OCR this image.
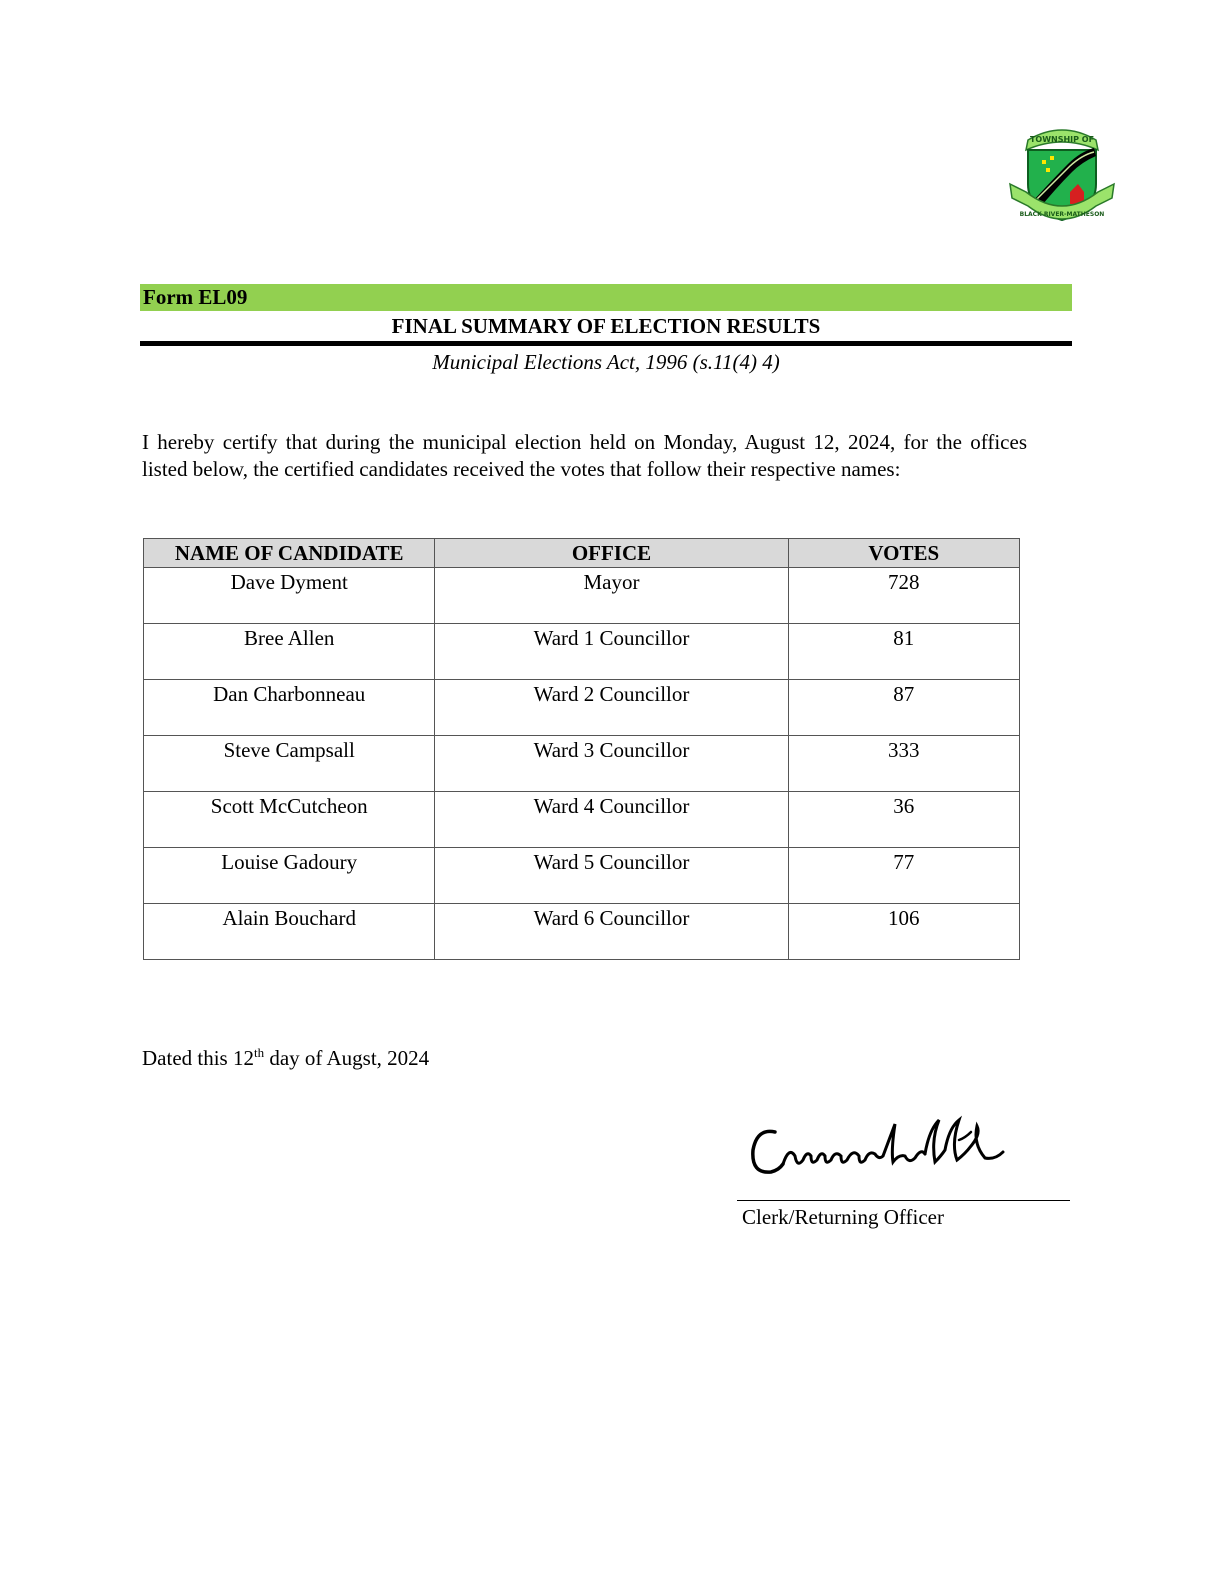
TOWNSHIP OF
BLACK RIVER-MATHESON
Form EL09
FINAL SUMMARY OF ELECTION RESULTS
Municipal Elections Act, 1996 (s.11(4) 4)
I hereby certify that during the municipal election held on Monday, August 12, 2024, for the offices listed below, the certified candidates received the votes that follow their respective names:
NAME OF CANDIDATE	OFFICE	VOTES
Dave Dyment	Mayor	728
Bree Allen	Ward 1 Councillor	81
Dan Charbonneau	Ward 2 Councillor	87
Steve Campsall	Ward 3 Councillor	333
Scott McCutcheon	Ward 4 Councillor	36
Louise Gadoury	Ward 5 Councillor	77
Alain Bouchard	Ward 6 Councillor	106
Dated this 12th day of Augst, 2024
Clerk/Returning Officer
